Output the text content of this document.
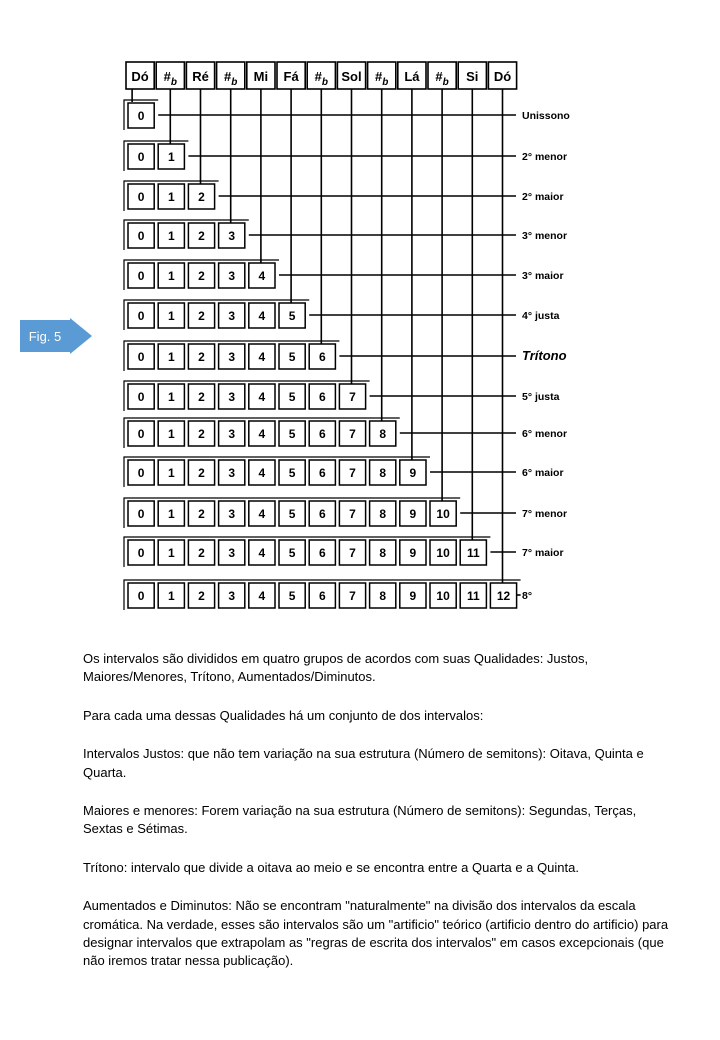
Dó $\#_b$ Ré $\#_b$ Mi Fá $\#_b$ Sol $\#_b$ Lá $\#_b$ Si Dó
0
0 1
0 1 2
0 1 2 3
0 1 2 3 4
0 1 2 3 4 5
0 1 2 3 4 5 6
0 1 2 3 4 5 6 7
0 1 2 3 4 5 6 7 8
0 1 2 3 4 5 6 7 8 9
0 1 2 3 4 5 6 7 8 9 10
0 1 2 3 4 5 6 7 8 9 10 11
0 1 2 3 4 5 6 7 8 9 10 11 12
Unissono
2° menor
2° maior
3° menor
3° maior
4° justa
Trítono
5° justa
6° menor
6° maior
7° menor
7° maior
8°
Fig. 5

Os intervalos são divididos em quatro grupos de acordos com suas Qualidades: Justos, Maiores/Menores, Trítono, Aumentados/Diminutos.

Para cada uma dessas Qualidades há um conjunto de dos intervalos:

Intervalos Justos: que não tem variação na sua estrutura (Número de semitons): Oitava, Quinta e Quarta.

Maiores e menores: Forem variação na sua estrutura (Número de semitons): Segundas, Terças, Sextas e Sétimas.

Trítono: intervalo que divide a oitava ao meio e se encontra entre a Quarta e a Quinta.

Aumentados e Diminutos: Não se encontram "naturalmente" na divisão dos intervalos da escala cromática. Na verdade, esses são intervalos são um "artificio" teórico (artificio dentro do artificio) para designar intervalos que extrapolam as "regras de escrita dos intervalos" em casos excepcionais (que não iremos tratar nessa publicação).
